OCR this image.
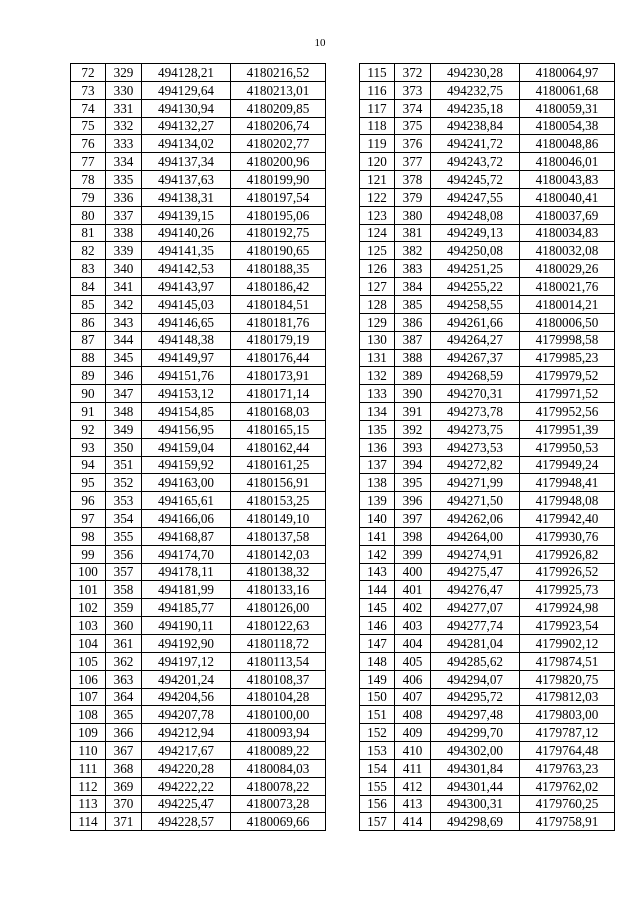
10
72	329	494128,21	4180216,52
73	330	494129,64	4180213,01
74	331	494130,94	4180209,85
75	332	494132,27	4180206,74
76	333	494134,02	4180202,77
77	334	494137,34	4180200,96
78	335	494137,63	4180199,90
79	336	494138,31	4180197,54
80	337	494139,15	4180195,06
81	338	494140,26	4180192,75
82	339	494141,35	4180190,65
83	340	494142,53	4180188,35
84	341	494143,97	4180186,42
85	342	494145,03	4180184,51
86	343	494146,65	4180181,76
87	344	494148,38	4180179,19
88	345	494149,97	4180176,44
89	346	494151,76	4180173,91
90	347	494153,12	4180171,14
91	348	494154,85	4180168,03
92	349	494156,95	4180165,15
93	350	494159,04	4180162,44
94	351	494159,92	4180161,25
95	352	494163,00	4180156,91
96	353	494165,61	4180153,25
97	354	494166,06	4180149,10
98	355	494168,87	4180137,58
99	356	494174,70	4180142,03
100	357	494178,11	4180138,32
101	358	494181,99	4180133,16
102	359	494185,77	4180126,00
103	360	494190,11	4180122,63
104	361	494192,90	4180118,72
105	362	494197,12	4180113,54
106	363	494201,24	4180108,37
107	364	494204,56	4180104,28
108	365	494207,78	4180100,00
109	366	494212,94	4180093,94
110	367	494217,67	4180089,22
111	368	494220,28	4180084,03
112	369	494222,22	4180078,22
113	370	494225,47	4180073,28
114	371	494228,57	4180069,66
115	372	494230,28	4180064,97
116	373	494232,75	4180061,68
117	374	494235,18	4180059,31
118	375	494238,84	4180054,38
119	376	494241,72	4180048,86
120	377	494243,72	4180046,01
121	378	494245,72	4180043,83
122	379	494247,55	4180040,41
123	380	494248,08	4180037,69
124	381	494249,13	4180034,83
125	382	494250,08	4180032,08
126	383	494251,25	4180029,26
127	384	494255,22	4180021,76
128	385	494258,55	4180014,21
129	386	494261,66	4180006,50
130	387	494264,27	4179998,58
131	388	494267,37	4179985,23
132	389	494268,59	4179979,52
133	390	494270,31	4179971,52
134	391	494273,78	4179952,56
135	392	494273,75	4179951,39
136	393	494273,53	4179950,53
137	394	494272,82	4179949,24
138	395	494271,99	4179948,41
139	396	494271,50	4179948,08
140	397	494262,06	4179942,40
141	398	494264,00	4179930,76
142	399	494274,91	4179926,82
143	400	494275,47	4179926,52
144	401	494276,47	4179925,73
145	402	494277,07	4179924,98
146	403	494277,74	4179923,54
147	404	494281,04	4179902,12
148	405	494285,62	4179874,51
149	406	494294,07	4179820,75
150	407	494295,72	4179812,03
151	408	494297,48	4179803,00
152	409	494299,70	4179787,12
153	410	494302,00	4179764,48
154	411	494301,84	4179763,23
155	412	494301,44	4179762,02
156	413	494300,31	4179760,25
157	414	494298,69	4179758,91
